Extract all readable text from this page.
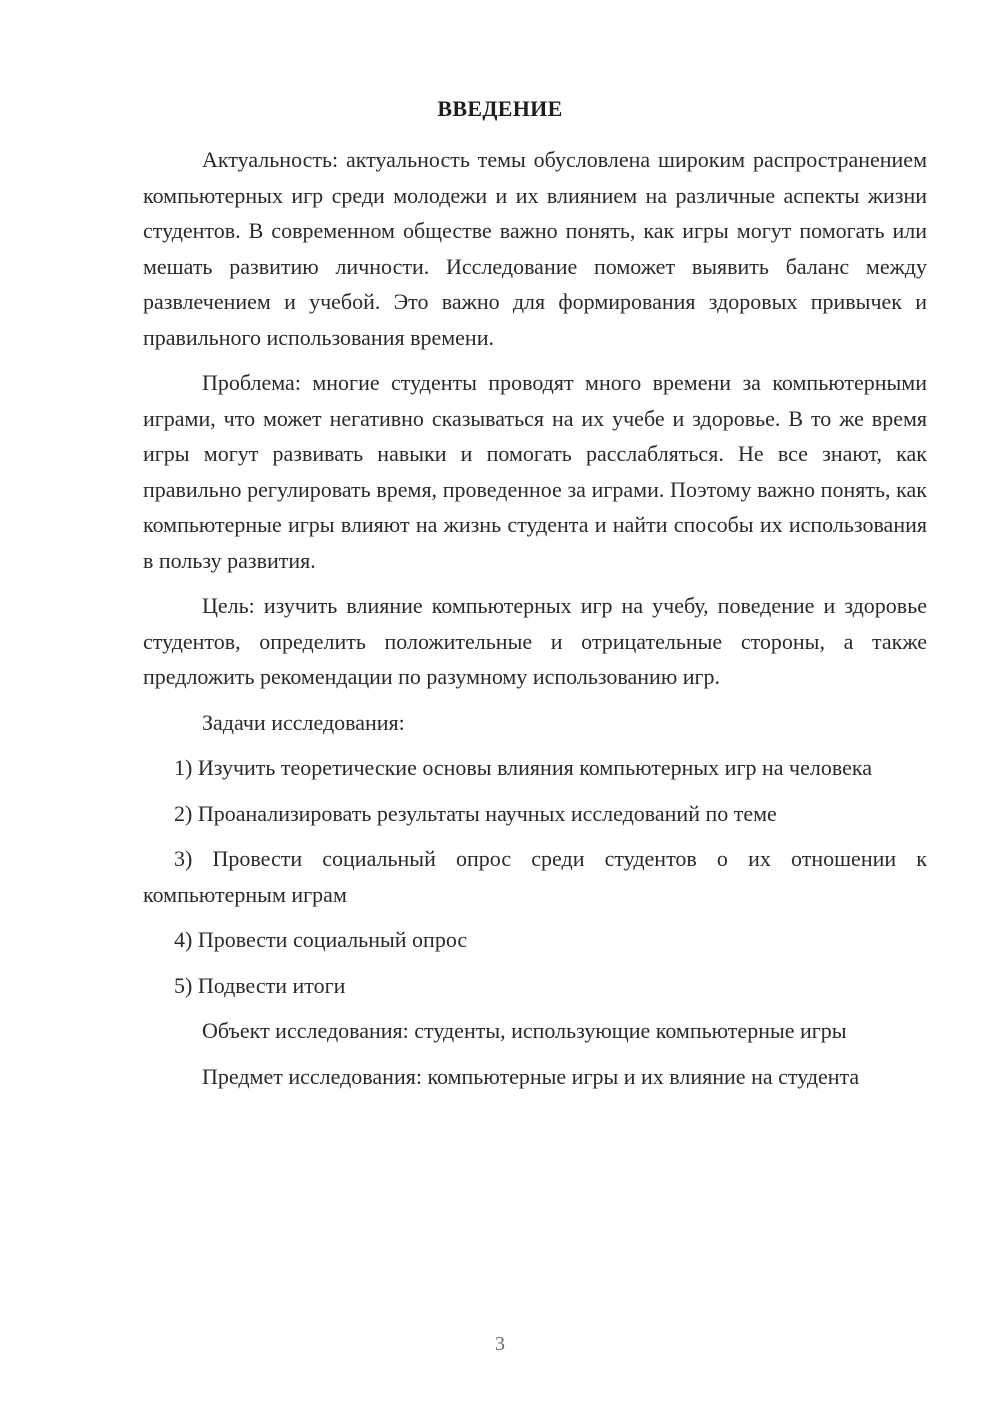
ВВЕДЕНИЕ

Актуальность: актуальность темы обусловлена широким распространением компьютерных игр среди молодежи и их влиянием на различные аспекты жизни студентов. В современном обществе важно понять, как игры могут помогать или мешать развитию личности. Исследование поможет выявить баланс между развлечением и учебой. Это важно для формирования здоровых привычек и правильного использования времени.

Проблема: многие студенты проводят много времени за компьютерными играми, что может негативно сказываться на их учебе и здоровье. В то же время игры могут развивать навыки и помогать расслабляться. Не все знают, как правильно регулировать время, проведенное за играми. Поэтому важно понять, как компьютерные игры влияют на жизнь студента и найти способы их использования в пользу развития.

Цель: изучить влияние компьютерных игр на учебу, поведение и здоровье студентов, определить положительные и отрицательные стороны, а также предложить рекомендации по разумному использованию игр.

Задачи исследования:

1) Изучить теоретические основы влияния компьютерных игр на человека

2) Проанализировать результаты научных исследований по теме

3) Провести социальный опрос среди студентов о их отношении к компьютерным играм

4) Провести социальный опрос

5) Подвести итоги

Объект исследования: студенты, использующие компьютерные игры

Предмет исследования: компьютерные игры и их влияние на студента

3
